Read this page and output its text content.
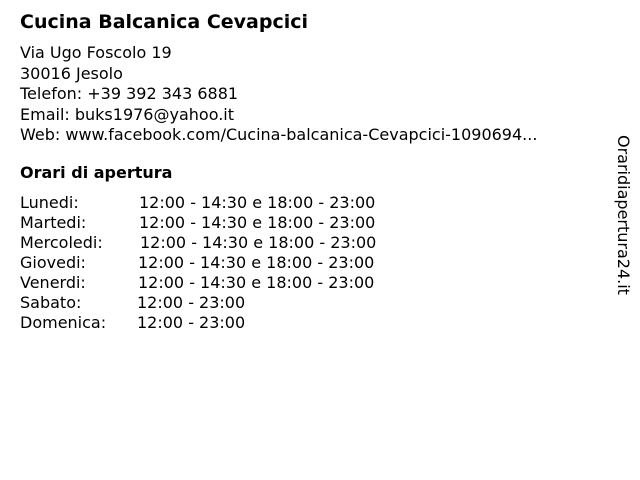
Cucina Balcanica Cevapcici
Via Ugo Foscolo 19
30016 Jesolo
Telefon: +39 392 343 6881
Email: buks1976@yahoo.it
Web: www.facebook.com/Cucina-balcanica-Cevapcici-1090694...
Orari di apertura
Lunedi:	12:00 - 14:30 e 18:00 - 23:00
Martedi:	12:00 - 14:30 e 18:00 - 23:00
Mercoledi: 12:00 - 14:30 e 18:00 - 23:00
Giovedi:	12:00 - 14:30 e 18:00 - 23:00
Venerdi:	12:00 - 14:30 e 18:00 - 23:00
Sabato:	12:00 - 23:00
Domenica: 12:00 - 23:00
Oraridiapertura24.it
